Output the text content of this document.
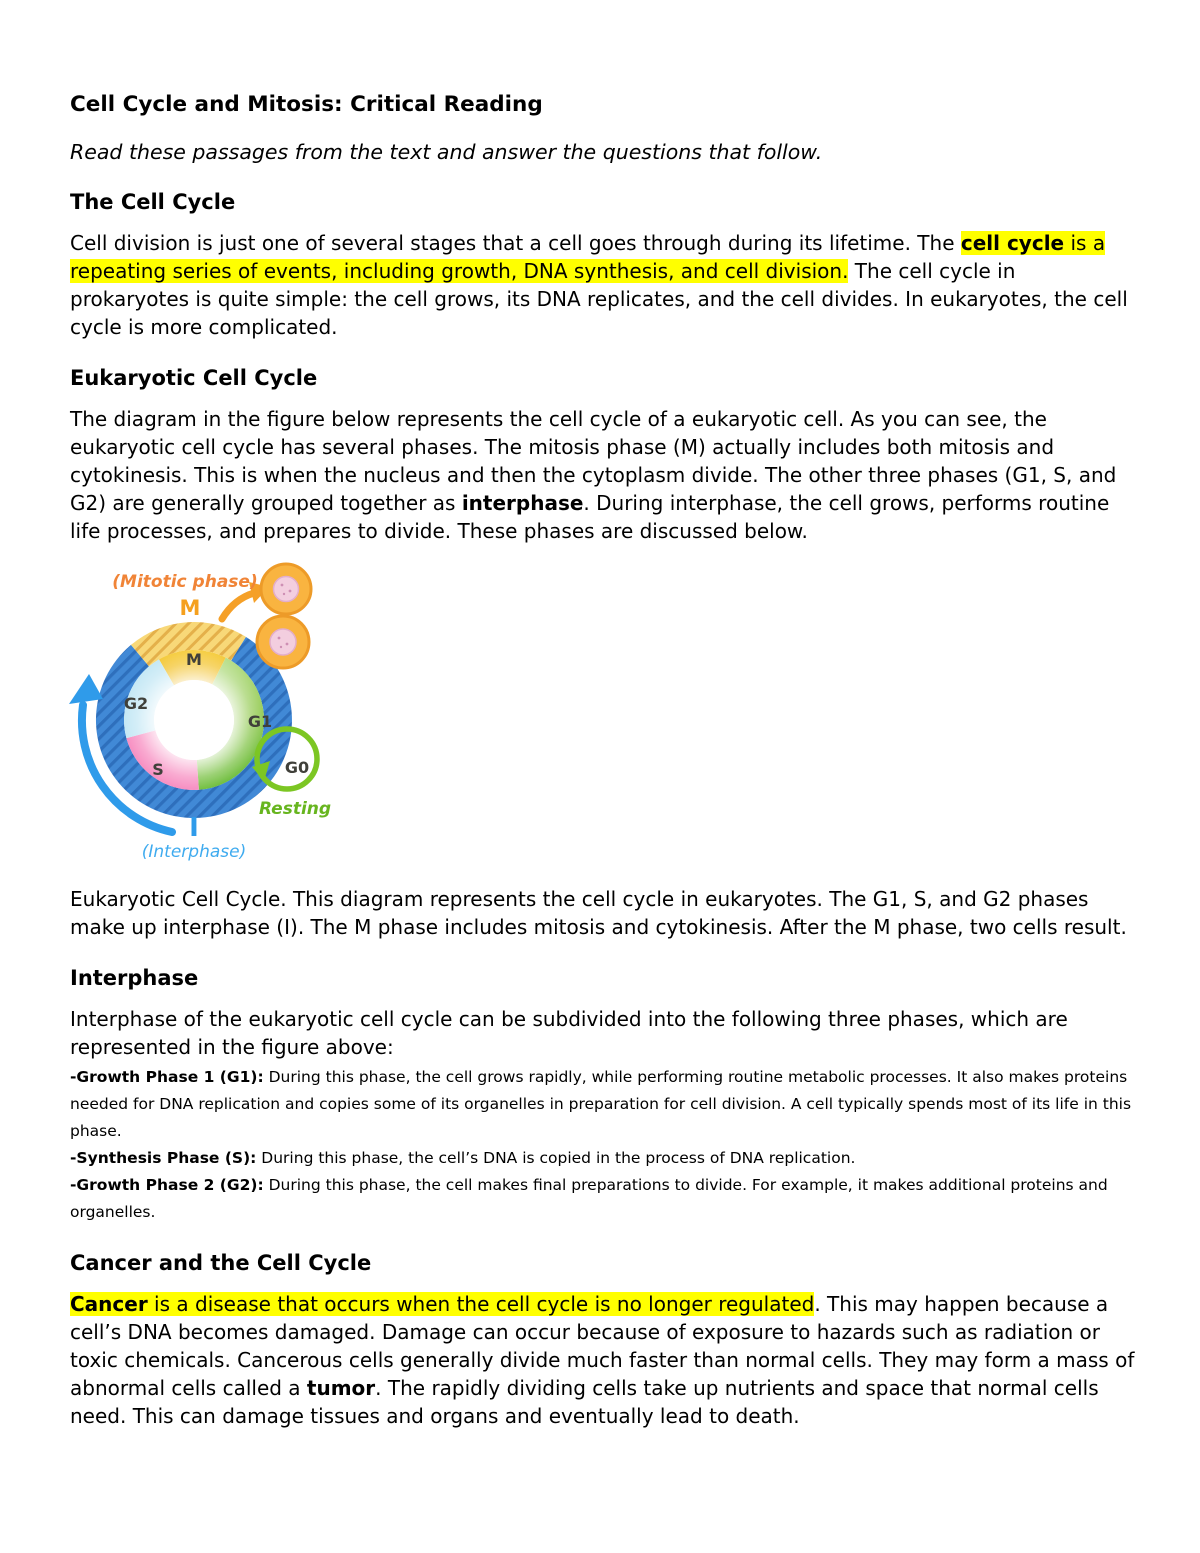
Cell Cycle and Mitosis: Critical Reading

Read these passages from the text and answer the questions that follow.

The Cell Cycle

Cell division is just one of several stages that a cell goes through during its lifetime. The cell cycle is a repeating series of events, including growth, DNA synthesis, and cell division. The cell cycle in prokaryotes is quite simple: the cell grows, its DNA replicates, and the cell divides. In eukaryotes, the cell cycle is more complicated.

Eukaryotic Cell Cycle

The diagram in the figure below represents the cell cycle of a eukaryotic cell. As you can see, the eukaryotic cell cycle has several phases. The mitosis phase (M) actually includes both mitosis and cytokinesis. This is when the nucleus and then the cytoplasm divide. The other three phases (G1, S, and G2) are generally grouped together as interphase. During interphase, the cell grows, performs routine life processes, and prepares to divide. These phases are discussed below.

(Mitotic phase)
M
M
G2
G1
S	G0
Resting
I
(Interphase)

Eukaryotic Cell Cycle. This diagram represents the cell cycle in eukaryotes. The G1, S, and G2 phases make up interphase (I). The M phase includes mitosis and cytokinesis. After the M phase, two cells result.

Interphase

Interphase of the eukaryotic cell cycle can be subdivided into the following three phases, which are represented in the figure above:

-Growth Phase 1 (G1): During this phase, the cell grows rapidly, while performing routine metabolic processes. It also makes proteins needed for DNA replication and copies some of its organelles in preparation for cell division. A cell typically spends most of its life in this phase.

-Synthesis Phase (S): During this phase, the cell’s DNA is copied in the process of DNA replication.

-Growth Phase 2 (G2): During this phase, the cell makes final preparations to divide. For example, it makes additional proteins and organelles.

Cancer and the Cell Cycle

Cancer is a disease that occurs when the cell cycle is no longer regulated. This may happen because a cell’s DNA becomes damaged. Damage can occur because of exposure to hazards such as radiation or toxic chemicals. Cancerous cells generally divide much faster than normal cells. They may form a mass of abnormal cells called a tumor. The rapidly dividing cells take up nutrients and space that normal cells need. This can damage tissues and organs and eventually lead to death.
